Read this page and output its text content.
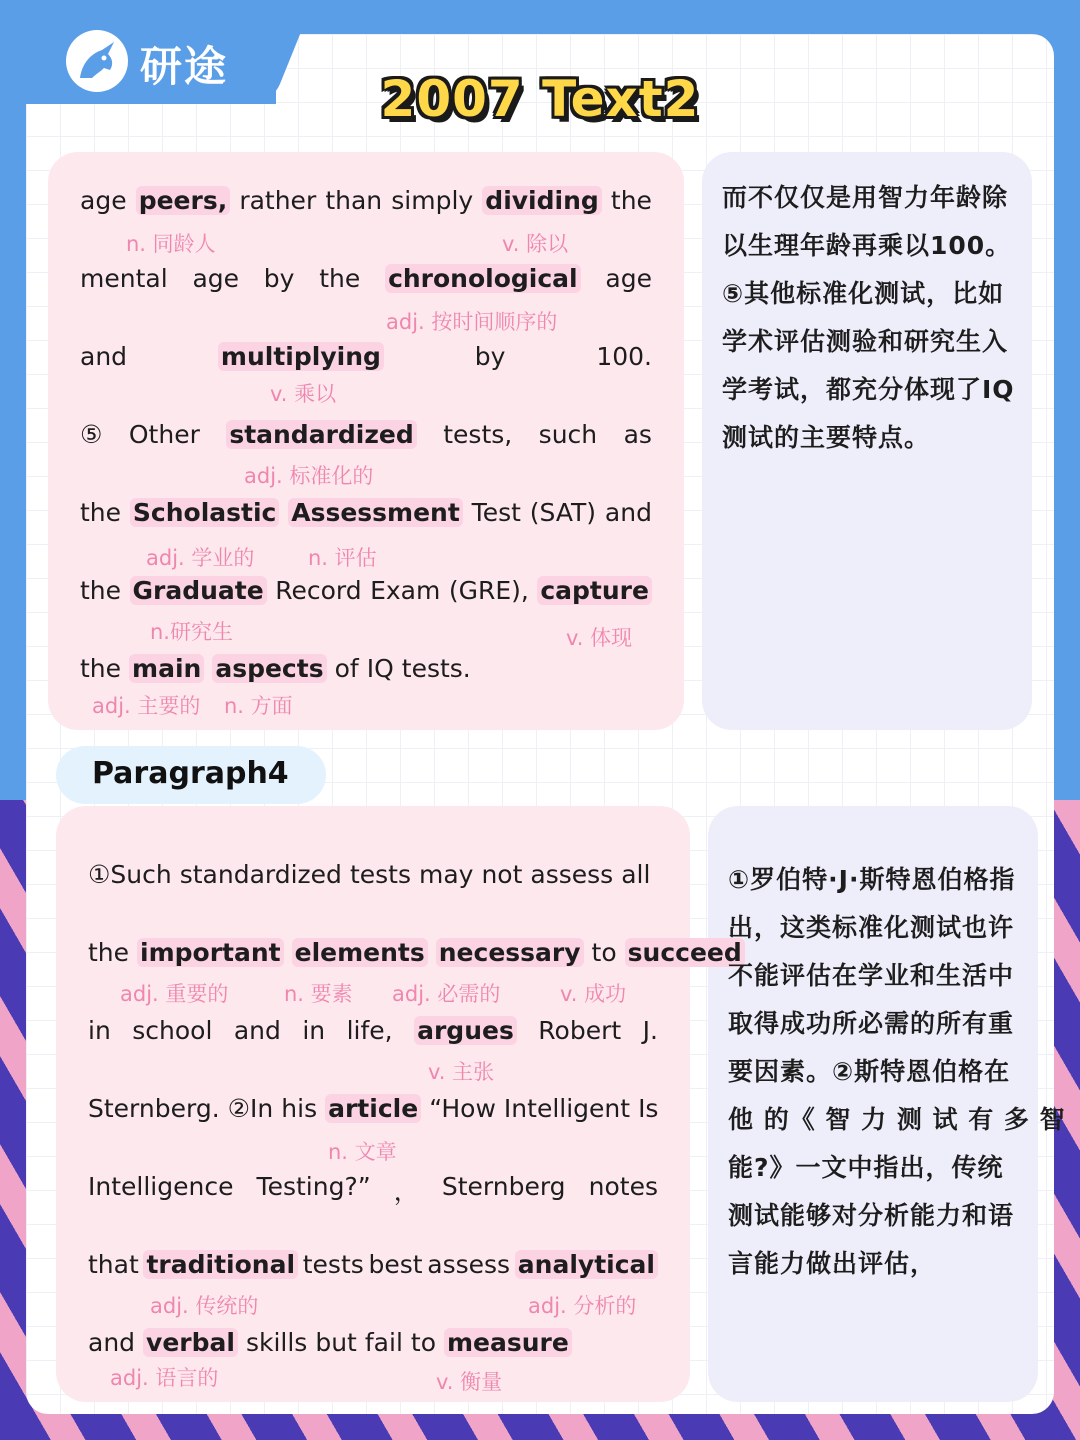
研途
2007 Text2
age peers, rather than simply dividing the
mental age by the chronological age
and	multiplying	by	100.
⑤ Other standardized tests, such as
the Scholastic Assessment Test (SAT) and
the Graduate Record Exam (GRE), capture
the main aspects of IQ tests.
n. 同龄人	v. 除以
adj. 按时间顺序的
v. 乘以
adj. 标准化的
adj. 学业的	n. 评估
n.研究生	v. 体现
adj. 主要的 n. 方面
而不仅仅是用智力年龄除
以生理年龄再乘以100。
⑤其他标准化测试，比如
学术评估测验和研究生入
学考试，都充分体现了IQ
测试的主要特点。
Paragraph4
①Such standardized tests may not assess all
the important elements necessary to succeed
in school and in life, argues Robert J.
Sternberg. ②In his article “How Intelligent Is
Intelligence Testing?” ， Sternberg notes
that traditional tests best assess analytical
and verbal skills but fail to measure
adj. 重要的	n. 要素 adj. 必需的	v. 成功
v. 主张
n. 文章
adj. 传统的	adj. 分析的
adj. 语言的	v. 衡量
①罗伯特·J·斯特恩伯格指
出，这类标准化测试也许
不能评估在学业和生活中
取得成功所必需的所有重
要因素。②斯特恩伯格在
他 的《 智 力 测 试 有 多 智
能?》一文中指出，传统
测试能够对分析能力和语
言能力做出评估，
